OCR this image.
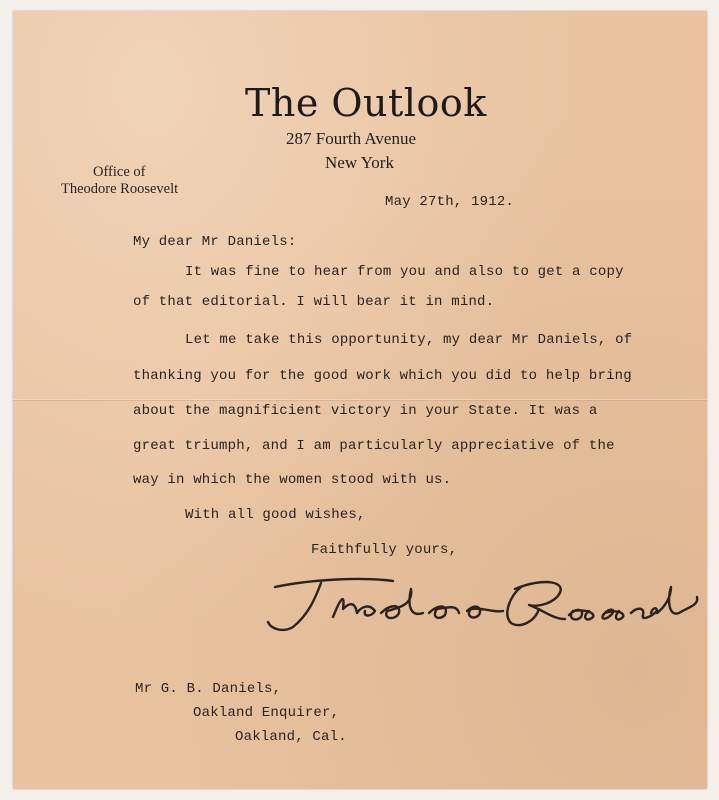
The Outlook
287 Fourth Avenue
New York
Office of
Theodore Roosevelt
May 27th, 1912.
My dear Mr Daniels:
It was fine to hear from you and also to get a copy
of that editorial. I will bear it in mind.
Let me take this opportunity, my dear Mr Daniels, of
thanking you for the good work which you did to help bring
about the magnificient victory in your State. It was a
great triumph, and I am particularly appreciative of the
way in which the women stood with us.
With all good wishes,
Faithfully yours,
Mr G. B. Daniels,
Oakland Enquirer,
Oakland, Cal.
